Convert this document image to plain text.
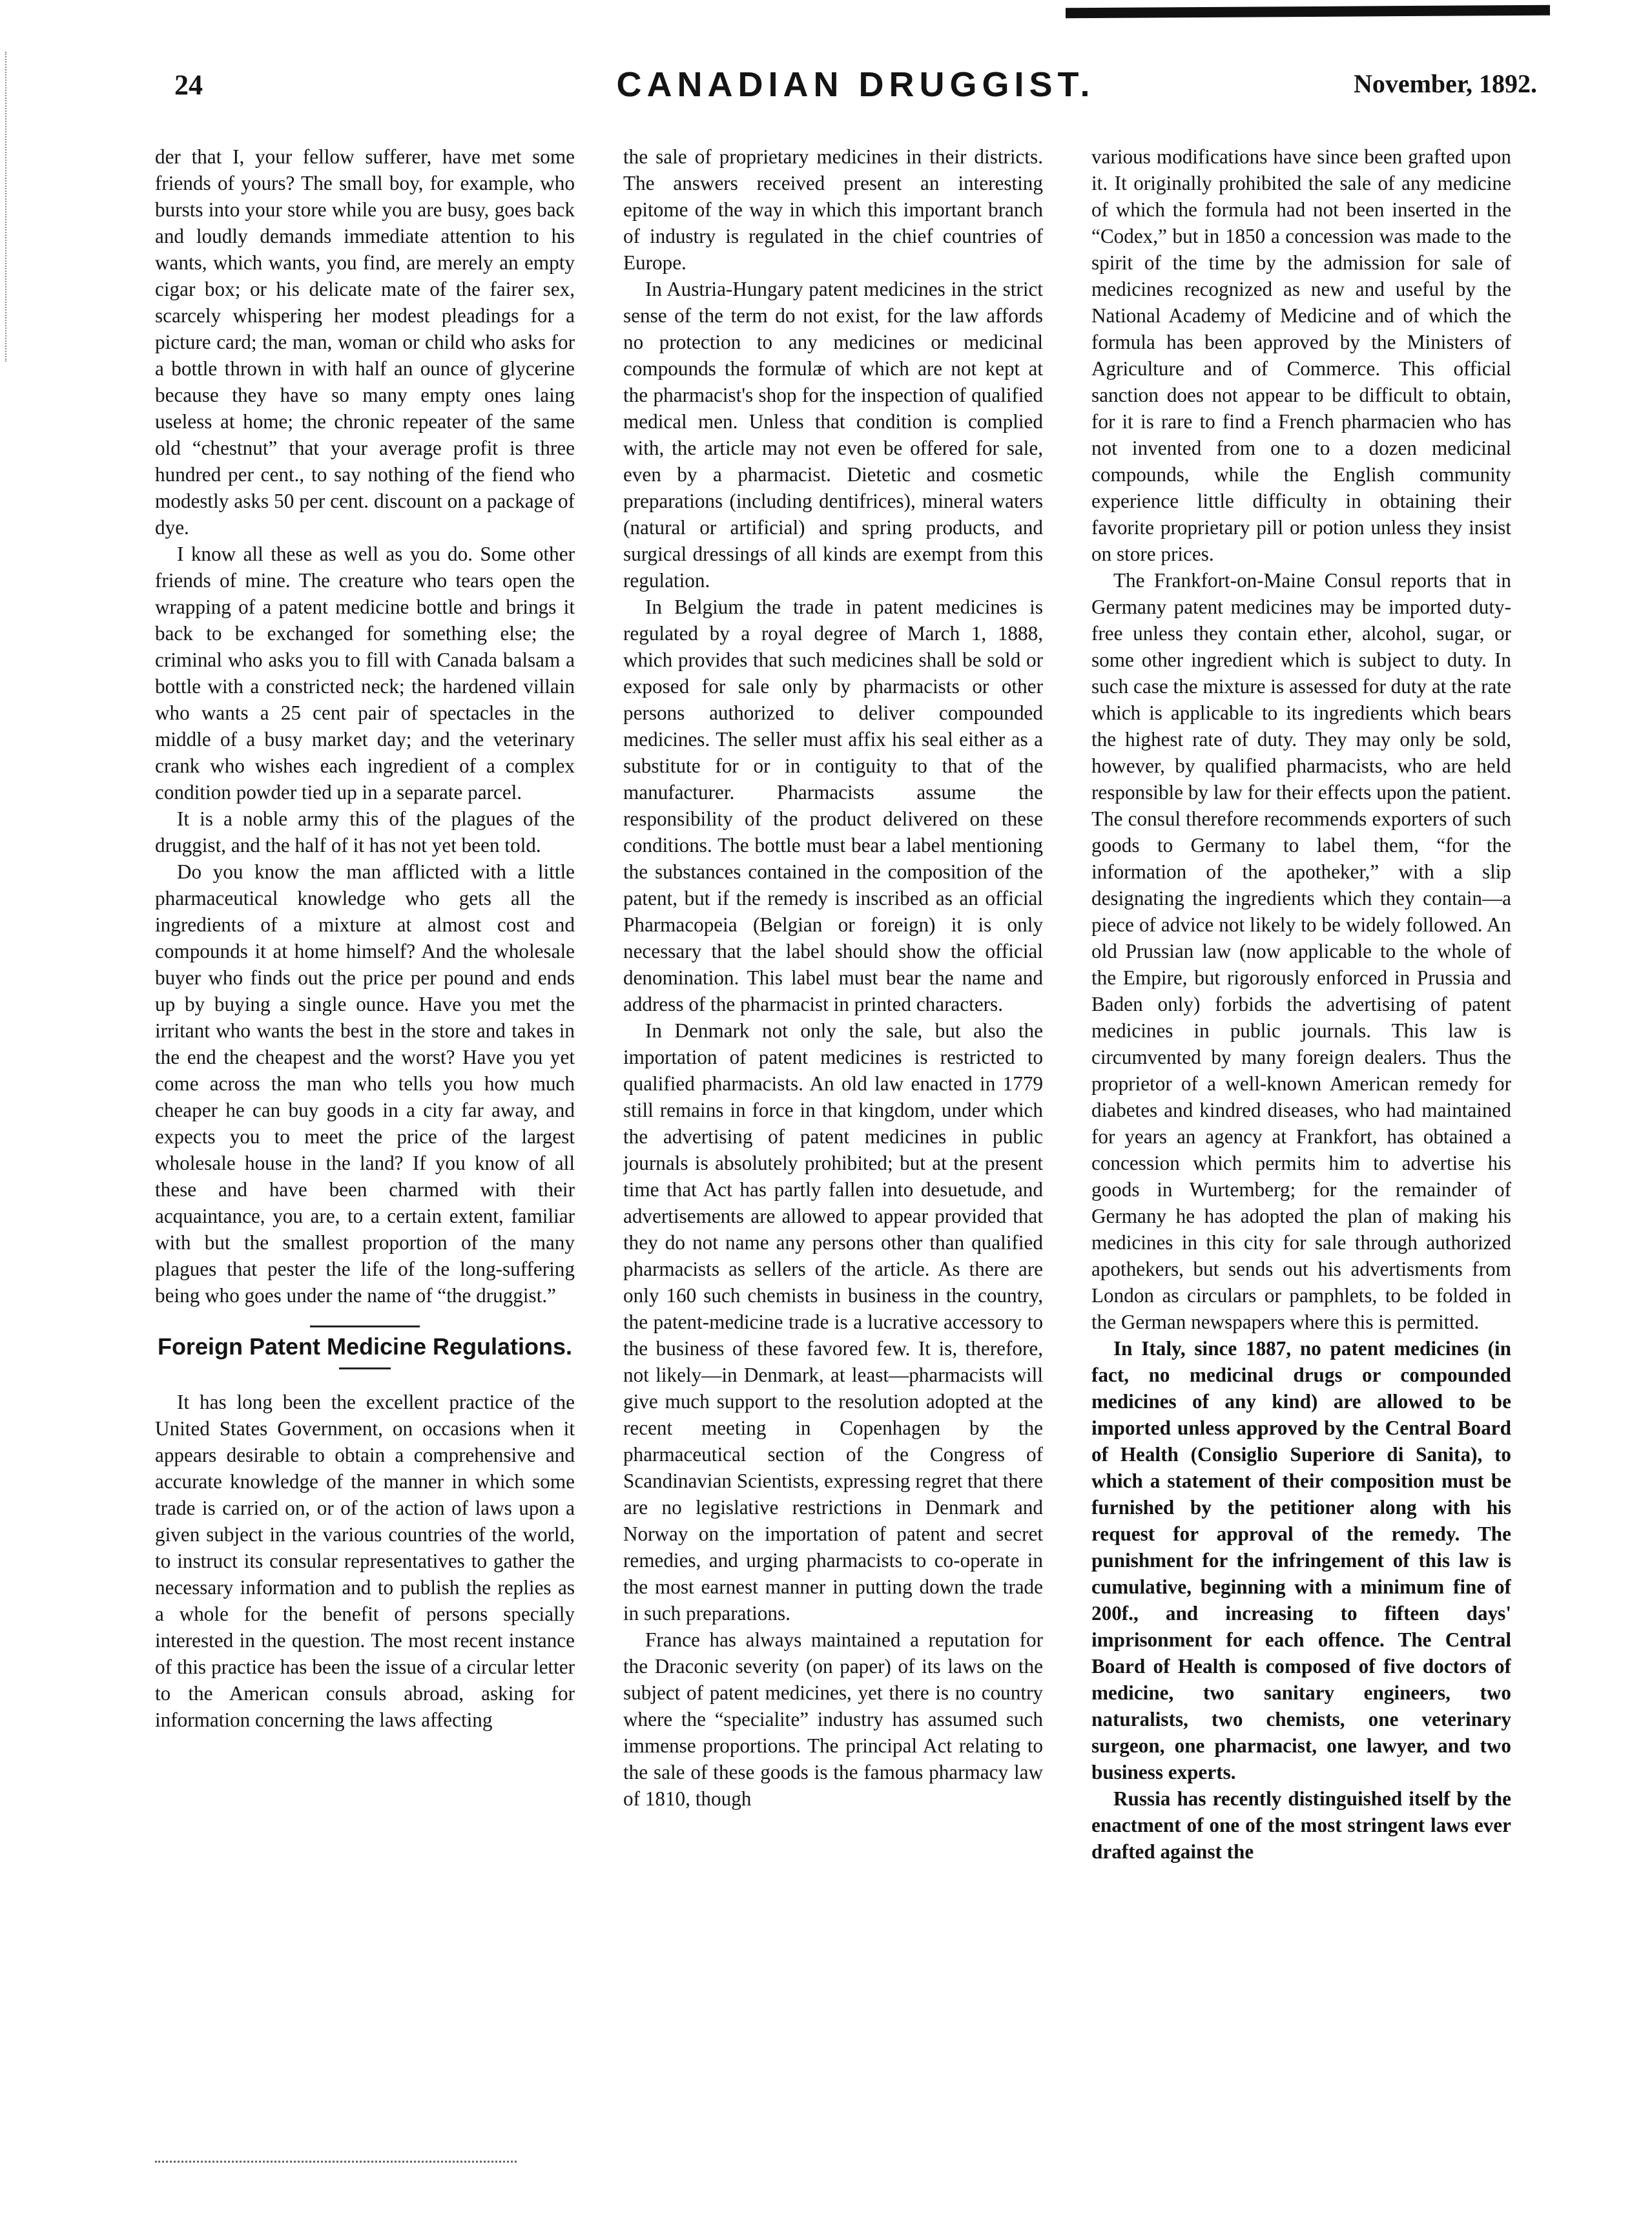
24	CANADIAN DRUGGIST.	November, 1892.

der that I, your fellow sufferer, have met some friends of yours? The small boy, for example, who bursts into your store while you are busy, goes back and loudly demands immediate attention to his wants, which wants, you find, are merely an empty cigar box; or his delicate mate of the fairer sex, scarcely whispering her modest pleadings for a picture card; the man, woman or child who asks for a bottle thrown in with half an ounce of glycerine because they have so many empty ones laing useless at home; the chronic repeater of the same old “chestnut” that your average profit is three hundred per cent., to say nothing of the fiend who modestly asks 50 per cent. discount on a package of dye.

I know all these as well as you do. Some other friends of mine. The creature who tears open the wrapping of a patent medicine bottle and brings it back to be exchanged for something else; the criminal who asks you to fill with Canada balsam a bottle with a constricted neck; the hardened villain who wants a 25 cent pair of spectacles in the middle of a busy market day; and the veterinary crank who wishes each ingredient of a complex condition powder tied up in a separate parcel.

It is a noble army this of the plagues of the druggist, and the half of it has not yet been told.

Do you know the man afflicted with a little pharmaceutical knowledge who gets all the ingredients of a mixture at almost cost and compounds it at home himself? And the wholesale buyer who finds out the price per pound and ends up by buying a single ounce. Have you met the irritant who wants the best in the store and takes in the end the cheapest and the worst? Have you yet come across the man who tells you how much cheaper he can buy goods in a city far away, and expects you to meet the price of the largest wholesale house in the land? If you know of all these and have been charmed with their acquaintance, you are, to a certain extent, familiar with but the smallest proportion of the many plagues that pester the life of the long-suffering being who goes under the name of “the druggist.”

Foreign Patent Medicine Regulations.

It has long been the excellent practice of the United States Government, on occasions when it appears desirable to obtain a comprehensive and accurate knowledge of the manner in which some trade is carried on, or of the action of laws upon a given subject in the various countries of the world, to instruct its consular representatives to gather the necessary information and to publish the replies as a whole for the benefit of persons specially interested in the question. The most recent instance of this practice has been the issue of a circular letter to the American consuls abroad, asking for information concerning the laws affecting

the sale of proprietary medicines in their districts. The answers received present an interesting epitome of the way in which this important branch of industry is regulated in the chief countries of Europe.

In Austria-Hungary patent medicines in the strict sense of the term do not exist, for the law affords no protection to any medicines or medicinal compounds the formulæ of which are not kept at the pharmacist's shop for the inspection of qualified medical men. Unless that condition is complied with, the article may not even be offered for sale, even by a pharmacist. Dietetic and cosmetic preparations (including dentifrices), mineral waters (natural or artificial) and spring products, and surgical dressings of all kinds are exempt from this regulation.

In Belgium the trade in patent medicines is regulated by a royal degree of March 1, 1888, which provides that such medicines shall be sold or exposed for sale only by pharmacists or other persons authorized to deliver compounded medicines. The seller must affix his seal either as a substitute for or in contiguity to that of the manufacturer. Pharmacists assume the responsibility of the product delivered on these conditions. The bottle must bear a label mentioning the substances contained in the composition of the patent, but if the remedy is inscribed as an official Pharmacopeia (Belgian or foreign) it is only necessary that the label should show the official denomination. This label must bear the name and address of the pharmacist in printed characters.

In Denmark not only the sale, but also the importation of patent medicines is restricted to qualified pharmacists. An old law enacted in 1779 still remains in force in that kingdom, under which the advertising of patent medicines in public journals is absolutely prohibited; but at the present time that Act has partly fallen into desuetude, and advertisements are allowed to appear provided that they do not name any persons other than qualified pharmacists as sellers of the article. As there are only 160 such chemists in business in the country, the patent-medicine trade is a lucrative accessory to the business of these favored few. It is, therefore, not likely—in Denmark, at least—pharmacists will give much support to the resolution adopted at the recent meeting in Copenhagen by the pharmaceutical section of the Congress of Scandinavian Scientists, expressing regret that there are no legislative restrictions in Denmark and Norway on the importation of patent and secret remedies, and urging pharmacists to co-operate in the most earnest manner in putting down the trade in such preparations.

France has always maintained a reputation for the Draconic severity (on paper) of its laws on the subject of patent medicines, yet there is no country where the “specialite” industry has assumed such immense proportions. The principal Act relating to the sale of these goods is the famous pharmacy law of 1810, though

various modifications have since been grafted upon it. It originally prohibited the sale of any medicine of which the formula had not been inserted in the “Codex,” but in 1850 a concession was made to the spirit of the time by the admission for sale of medicines recognized as new and useful by the National Academy of Medicine and of which the formula has been approved by the Ministers of Agriculture and of Commerce. This official sanction does not appear to be difficult to obtain, for it is rare to find a French pharmacien who has not invented from one to a dozen medicinal compounds, while the English community experience little difficulty in obtaining their favorite proprietary pill or potion unless they insist on store prices.

The Frankfort-on-Maine Consul reports that in Germany patent medicines may be imported duty-free unless they contain ether, alcohol, sugar, or some other ingredient which is subject to duty. In such case the mixture is assessed for duty at the rate which is applicable to its ingredients which bears the highest rate of duty. They may only be sold, however, by qualified pharmacists, who are held responsible by law for their effects upon the patient. The consul therefore recommends exporters of such goods to Germany to label them, “for the information of the apotheker,” with a slip designating the ingredients which they contain—a piece of advice not likely to be widely followed. An old Prussian law (now applicable to the whole of the Empire, but rigorously enforced in Prussia and Baden only) forbids the advertising of patent medicines in public journals. This law is circumvented by many foreign dealers. Thus the proprietor of a well-known American remedy for diabetes and kindred diseases, who had maintained for years an agency at Frankfort, has obtained a concession which permits him to advertise his goods in Wurtemberg; for the remainder of Germany he has adopted the plan of making his medicines in this city for sale through authorized apothekers, but sends out his advertisments from London as circulars or pamphlets, to be folded in the German newspapers where this is permitted.

In Italy, since 1887, no patent medicines (in fact, no medicinal drugs or compounded medicines of any kind) are allowed to be imported unless approved by the Central Board of Health (Consiglio Superiore di Sanita), to which a statement of their composition must be furnished by the petitioner along with his request for approval of the remedy. The punishment for the infringement of this law is cumulative, beginning with a minimum fine of 200f., and increasing to fifteen days' imprisonment for each offence. The Central Board of Health is composed of five doctors of medicine, two sanitary engineers, two naturalists, two chemists, one veterinary surgeon, one pharmacist, one lawyer, and two business experts.

Russia has recently distinguished itself by the enactment of one of the most stringent laws ever drafted against the
